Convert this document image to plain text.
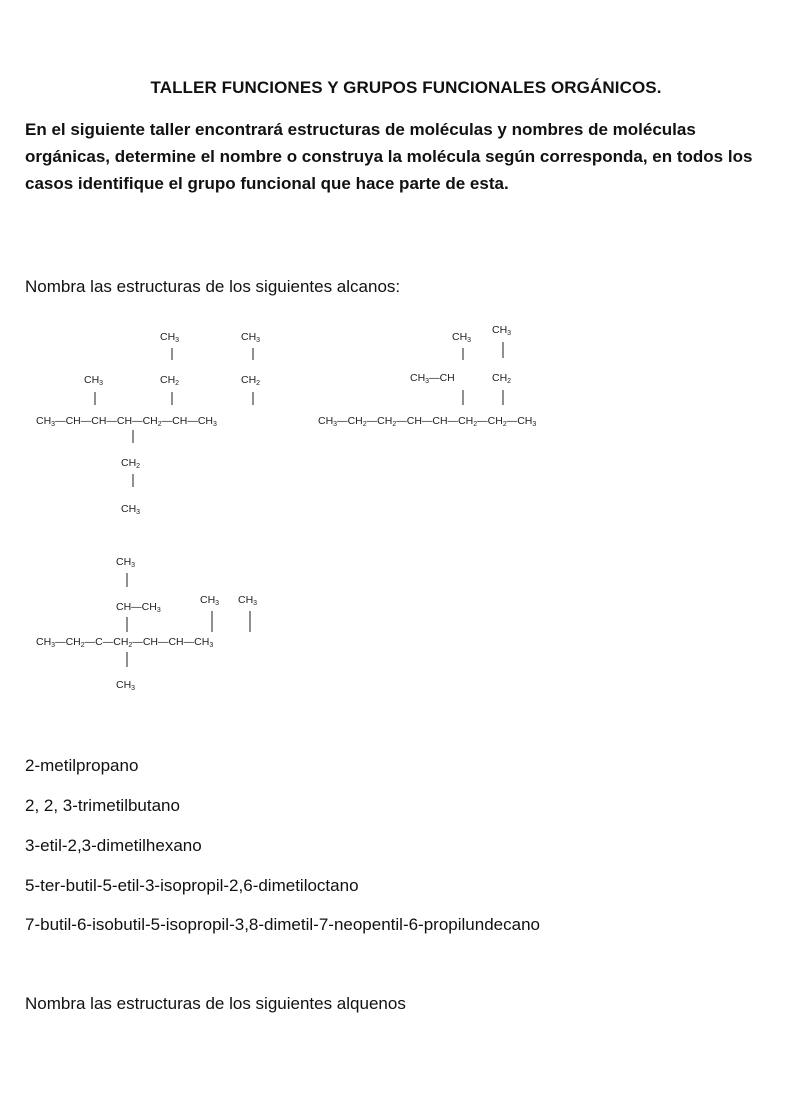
TALLER FUNCIONES Y GRUPOS FUNCIONALES ORGÁNICOS.
En el siguiente taller encontrará estructuras de moléculas y nombres de moléculas orgánicas, determine el nombre o construya la molécula según corresponda, en todos los casos identifique el grupo funcional que hace parte de esta.
Nombra las estructuras de los siguientes alcanos:
CH3
CH2
CH3
CH2
CH3
CH3—CH—CH—CH—CH2—CH—CH3
CH2
CH3
CH3
CH3
CH3—CH	CH2
CH3—CH2—CH2—CH—CH—CH2—CH2—CH3
CH3
CH—CH3
CH3 CH3
CH3—CH2—C—CH2—CH—CH—CH3
CH3
2-metilpropano
2, 2, 3-trimetilbutano
3-etil-2,3-dimetilhexano
5-ter-butil-5-etil-3-isopropil-2,6-dimetiloctano
7-butil-6-isobutil-5-isopropil-3,8-dimetil-7-neopentil-6-propilundecano
Nombra las estructuras de los siguientes alquenos
